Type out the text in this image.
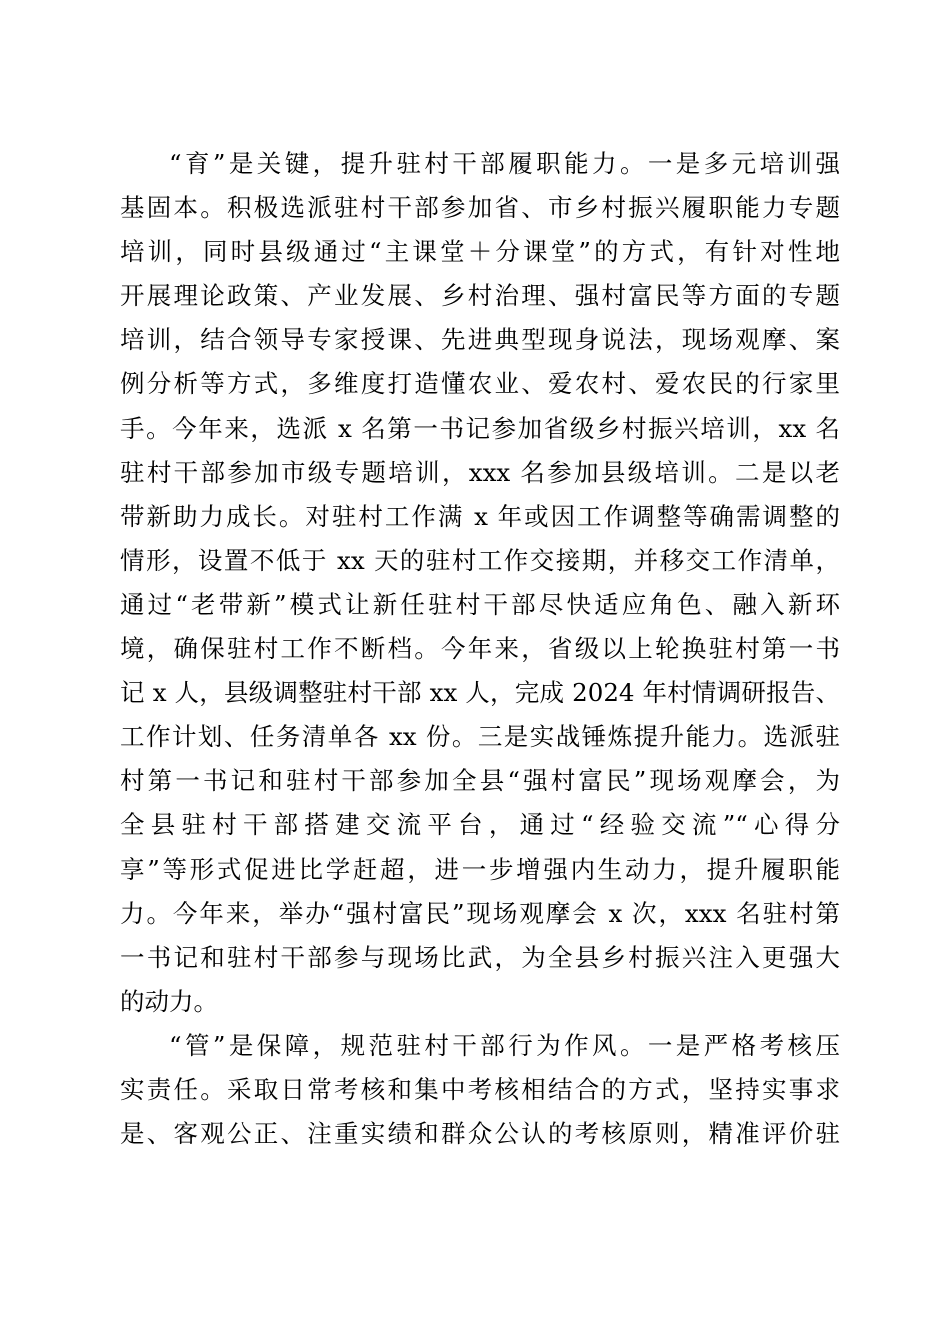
“育”是关键，提升驻村干部履职能力。一是多元培训强
基固本。积极选派驻村干部参加省、市乡村振兴履职能力专题
培训，同时县级通过“主课堂＋分课堂”的方式，有针对性地
开展理论政策、产业发展、乡村治理、强村富民等方面的专题
培训，结合领导专家授课、先进典型现身说法，现场观摩、案
例分析等方式，多维度打造懂农业、爱农村、爱农民的行家里
手。今年来，选派 x 名第一书记参加省级乡村振兴培训，xx 名
驻村干部参加市级专题培训，xxx 名参加县级培训。二是以老
带新助力成长。对驻村工作满 x 年或因工作调整等确需调整的
情形，设置不低于 xx 天的驻村工作交接期，并移交工作清单，
通过“老带新”模式让新任驻村干部尽快适应角色、融入新环
境，确保驻村工作不断档。今年来，省级以上轮换驻村第一书
记 x 人，县级调整驻村干部 xx 人，完成 2024 年村情调研报告、
工作计划、任务清单各 xx 份。三是实战锤炼提升能力。选派驻
村第一书记和驻村干部参加全县“强村富民”现场观摩会，为
全县驻村干部搭建交流平台，通过“经验交流”“心得分
享”等形式促进比学赶超，进一步增强内生动力，提升履职能
力。今年来，举办“强村富民”现场观摩会 x 次，xxx 名驻村第
一书记和驻村干部参与现场比武，为全县乡村振兴注入更强大
的动力。
“管”是保障，规范驻村干部行为作风。一是严格考核压
实责任。采取日常考核和集中考核相结合的方式，坚持实事求
是、客观公正、注重实绩和群众公认的考核原则，精准评价驻
